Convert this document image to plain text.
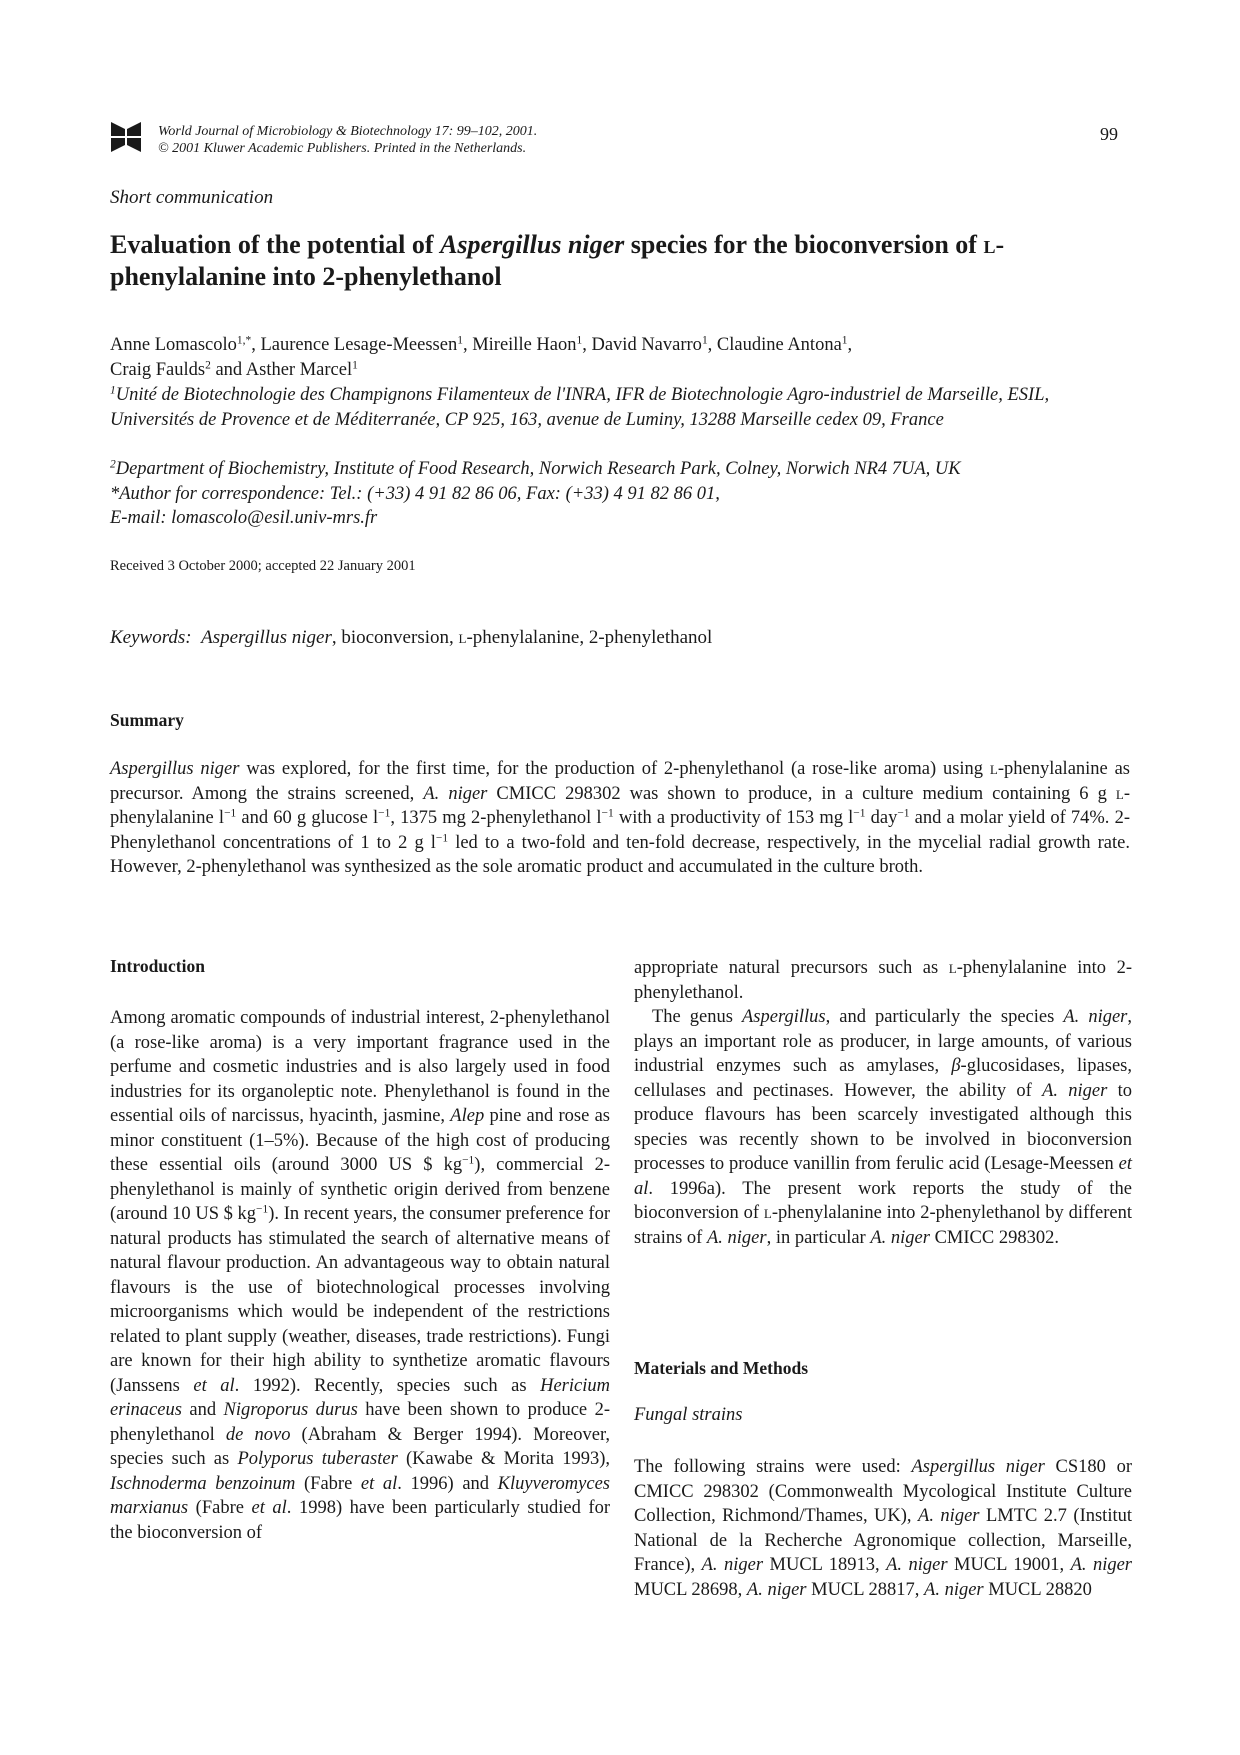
World Journal of Microbiology & Biotechnology 17: 99–102, 2001.
© 2001 Kluwer Academic Publishers. Printed in the Netherlands.
99
Short communication
Evaluation of the potential of Aspergillus niger species for the bioconversion of l-phenylalanine into 2-phenylethanol
Anne Lomascolo$^{1,*}$, Laurence Lesage-Meessen$^1$, Mireille Haon$^1$, David Navarro$^1$, Claudine Antona$^1$,
Craig Faulds$^2$ and Asther Marcel$^1$
$^1$Unité de Biotechnologie des Champignons Filamenteux de l'INRA, IFR de Biotechnologie Agro-industriel de Marseille, ESIL, Universités de Provence et de Méditerranée, CP 925, 163, avenue de Luminy, 13288 Marseille cedex 09, France
$^2$Department of Biochemistry, Institute of Food Research, Norwich Research Park, Colney, Norwich NR4 7UA, UK
*Author for correspondence: Tel.: (+33) 4 91 82 86 06, Fax: (+33) 4 91 82 86 01,
E-mail: lomascolo@esil.univ-mrs.fr
Received 3 October 2000; accepted 22 January 2001
Keywords: Aspergillus niger, bioconversion, l-phenylalanine, 2-phenylethanol
Summary
Aspergillus niger was explored, for the first time, for the production of 2-phenylethanol (a rose-like aroma) using l-phenylalanine as precursor. Among the strains screened, A. niger CMICC 298302 was shown to produce, in a culture medium containing 6 g l-phenylalanine $l^{-1}$ and 60 g glucose $l^{-1}$, 1375 mg 2-phenylethanol $l^{-1}$ with a productivity of 153 mg $l^{-1}$ day$^{-1}$ and a molar yield of 74%. 2-Phenylethanol concentrations of 1 to 2 g $l^{-1}$ led to a two-fold and ten-fold decrease, respectively, in the mycelial radial growth rate. However, 2-phenylethanol was synthesized as the sole aromatic product and accumulated in the culture broth.
Introduction
Among aromatic compounds of industrial interest, 2-phenylethanol (a rose-like aroma) is a very important fragrance used in the perfume and cosmetic industries and is also largely used in food industries for its organoleptic note. Phenylethanol is found in the essential oils of narcissus, hyacinth, jasmine, Alep pine and rose as minor constituent (1–5%). Because of the high cost of producing these essential oils (around 3000 US $ $kg^{-1}$), commercial 2-phenylethanol is mainly of synthetic origin derived from benzene (around 10 US $ $kg^{-1}$). In recent years, the consumer preference for natural products has stimulated the search of alternative means of natural flavour production. An advantageous way to obtain natural flavours is the use of biotechnological processes involving microorganisms which would be independent of the restrictions related to plant supply (weather, diseases, trade restrictions). Fungi are known for their high ability to synthetize aromatic flavours (Janssens et al. 1992). Recently, species such as Hericium erinaceus and Nigroporus durus have been shown to produce 2-phenylethanol de novo (Abraham & Berger 1994). Moreover, species such as Polyporus tuberaster (Kawabe & Morita 1993), Ischnoderma benzoinum (Fabre et al. 1996) and Kluyveromyces marxianus (Fabre et al. 1998) have been particularly studied for the bioconversion of
appropriate natural precursors such as l-phenylalanine into 2-phenylethanol.
The genus Aspergillus, and particularly the species A. niger, plays an important role as producer, in large amounts, of various industrial enzymes such as amylases, β-glucosidases, lipases, cellulases and pectinases. However, the ability of A. niger to produce flavours has been scarcely investigated although this species was recently shown to be involved in bioconversion processes to produce vanillin from ferulic acid (Lesage-Meessen et al. 1996a). The present work reports the study of the bioconversion of l-phenylalanine into 2-phenylethanol by different strains of A. niger, in particular A. niger CMICC 298302.
Materials and Methods
Fungal strains
The following strains were used: Aspergillus niger CS180 or CMICC 298302 (Commonwealth Mycological Institute Culture Collection, Richmond/Thames, UK), A. niger LMTC 2.7 (Institut National de la Recherche Agronomique collection, Marseille, France), A. niger MUCL 18913, A. niger MUCL 19001, A. niger MUCL 28698, A. niger MUCL 28817, A. niger MUCL 28820
